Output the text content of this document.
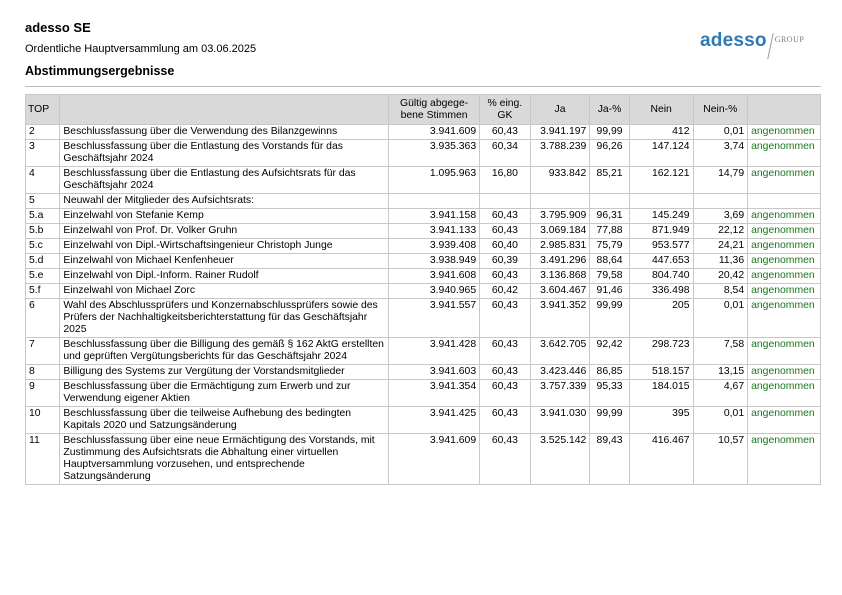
adesso SE
Ordentliche Hauptversammlung am 03.06.2025
Abstimmungsergebnisse
adesso GROUP
TOP		Gültig abgege-bene Stimmen	% eing. GK	Ja	Ja-%	Nein	Nein-%	
2	Beschlussfassung über die Verwendung des Bilanzgewinns	3.941.609	60,43	3.941.197	99,99	412	0,01	angenommen
3	Beschlussfassung über die Entlastung des Vorstands für das Geschäftsjahr 2024	3.935.363	60,34	3.788.239	96,26	147.124	3,74	angenommen
4	Beschlussfassung über die Entlastung des Aufsichtsrats für das Geschäftsjahr 2024	1.095.963	16,80	933.842	85,21	162.121	14,79	angenommen
5	Neuwahl der Mitglieder des Aufsichtsrats:							
5.a	Einzelwahl von Stefanie Kemp	3.941.158	60,43	3.795.909	96,31	145.249	3,69	angenommen
5.b	Einzelwahl von Prof. Dr. Volker Gruhn	3.941.133	60,43	3.069.184	77,88	871.949	22,12	angenommen
5.c	Einzelwahl von Dipl.-Wirtschaftsingenieur Christoph Junge	3.939.408	60,40	2.985.831	75,79	953.577	24,21	angenommen
5.d	Einzelwahl von Michael Kenfenheuer	3.938.949	60,39	3.491.296	88,64	447.653	11,36	angenommen
5.e	Einzelwahl von Dipl.-Inform. Rainer Rudolf	3.941.608	60,43	3.136.868	79,58	804.740	20,42	angenommen
5.f	Einzelwahl von Michael Zorc	3.940.965	60,42	3.604.467	91,46	336.498	8,54	angenommen
6	Wahl des Abschlussprüfers und Konzernabschlussprüfers sowie des Prüfers der Nachhaltigkeitsberichterstattung für das Geschäftsjahr 2025	3.941.557	60,43	3.941.352	99,99	205	0,01	angenommen
7	Beschlussfassung über die Billigung des gemäß § 162 AktG erstellten und geprüften Vergütungsberichts für das Geschäftsjahr 2024	3.941.428	60,43	3.642.705	92,42	298.723	7,58	angenommen
8	Billigung des Systems zur Vergütung der Vorstandsmitglieder	3.941.603	60,43	3.423.446	86,85	518.157	13,15	angenommen
9	Beschlussfassung über die Ermächtigung zum Erwerb und zur Verwendung eigener Aktien	3.941.354	60,43	3.757.339	95,33	184.015	4,67	angenommen
10	Beschlussfassung über die teilweise Aufhebung des bedingten Kapitals 2020 und Satzungsänderung	3.941.425	60,43	3.941.030	99,99	395	0,01	angenommen
11	Beschlussfassung über eine neue Ermächtigung des Vorstands, mit Zustimmung des Aufsichtsrats die Abhaltung einer virtuellen Hauptversammlung vorzusehen, und entsprechende Satzungsänderung	3.941.609	60,43	3.525.142	89,43	416.467	10,57	angenommen
